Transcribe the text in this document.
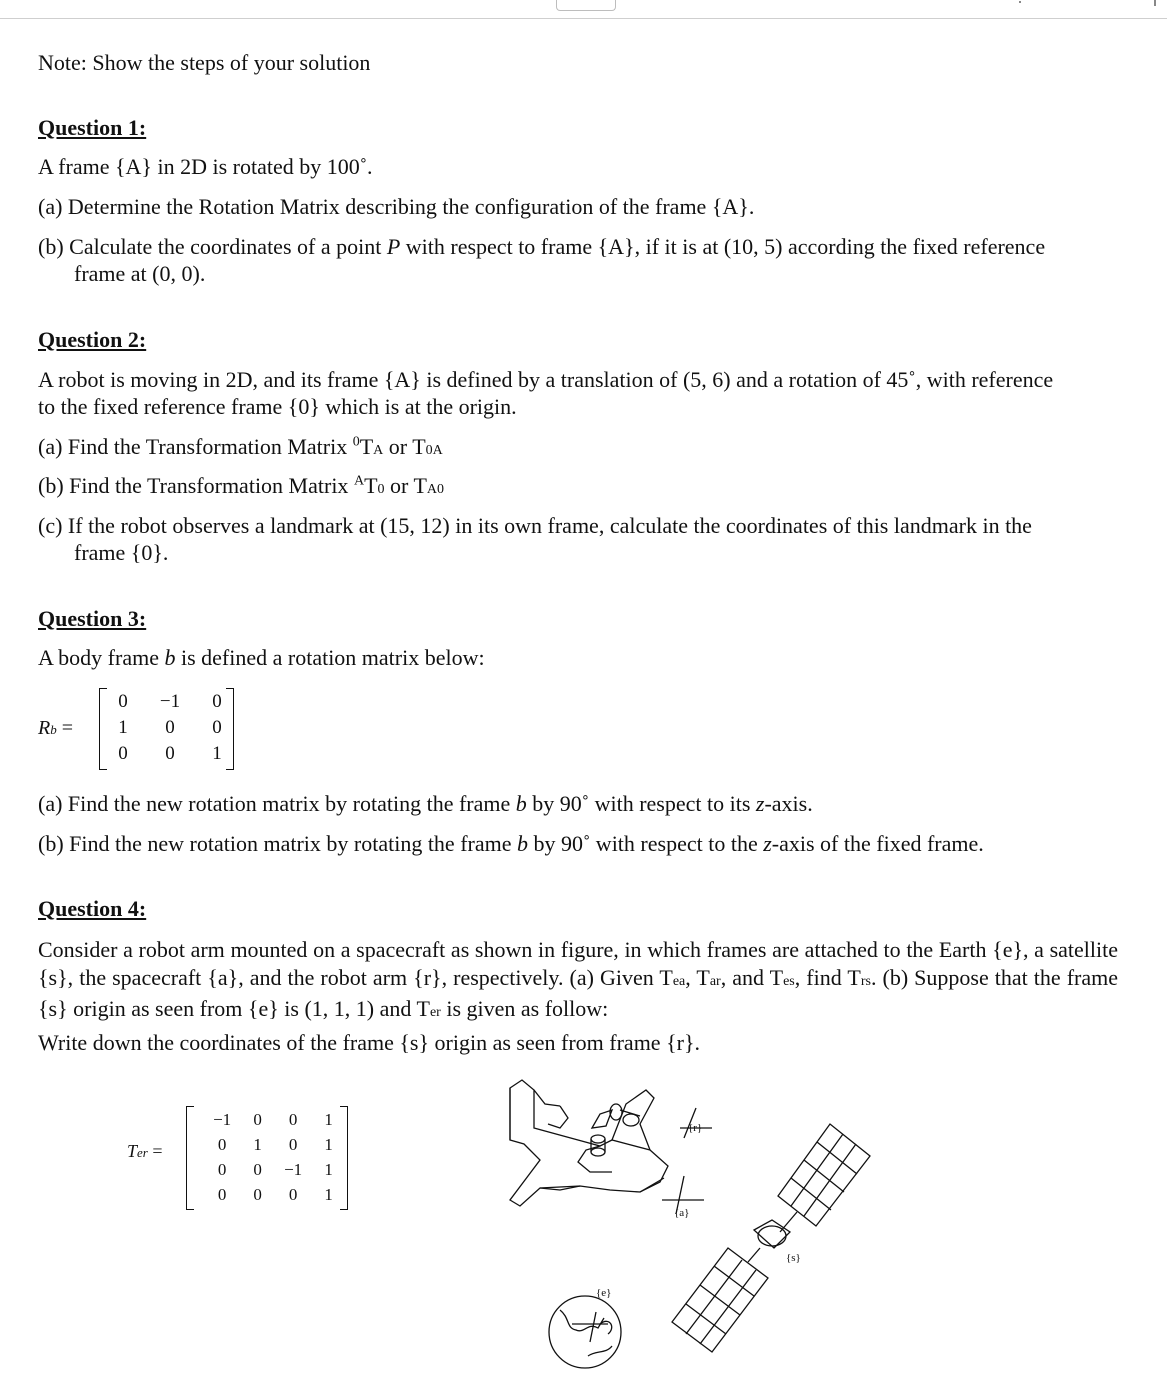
Note: Show the steps of your solution
Question 1:
A frame {A} in 2D is rotated by 100˚.
(a) Determine the Rotation Matrix describing the configuration of the frame {A}.
(b) Calculate the coordinates of a point P with respect to frame {A}, if it is at (10, 5) according the fixed reference
frame at (0, 0).
Question 2:
A robot is moving in 2D, and its frame {A} is defined by a translation of (5, 6) and a rotation of 45˚, with reference
to the fixed reference frame {0} which is at the origin.
(a) Find the Transformation Matrix $^0$TA or T0A
(b) Find the Transformation Matrix $^A$T0 or TA0
(c) If the robot observes a landmark at (15, 12) in its own frame, calculate the coordinates of this landmark in the
frame {0}.
Question 3:
A body frame b is defined a rotation matrix below:
Rb =
0	−1	0
1	0	0
0	0	1
(a) Find the new rotation matrix by rotating the frame b by 90˚ with respect to its z-axis.
(b) Find the new rotation matrix by rotating the frame b by 90˚ with respect to the z-axis of the fixed frame.
Question 4:
Consider a robot arm mounted on a spacecraft as shown in figure, in which frames are attached to the Earth {e}, a satellite {s}, the spacecraft {a}, and the robot arm {r}, respectively. (a) Given Tea, Tar, and Tes, find Trs. (b) Suppose that the frame {s} origin as seen from {e} is (1, 1, 1) and Ter is given as follow:
Write down the coordinates of the frame {s} origin as seen from frame {r}.
Ter =
−1	0	0	1
0	1	0	1
0	0	−1	1
0	0	0	1
{r}
{a}
{s}
{e}
